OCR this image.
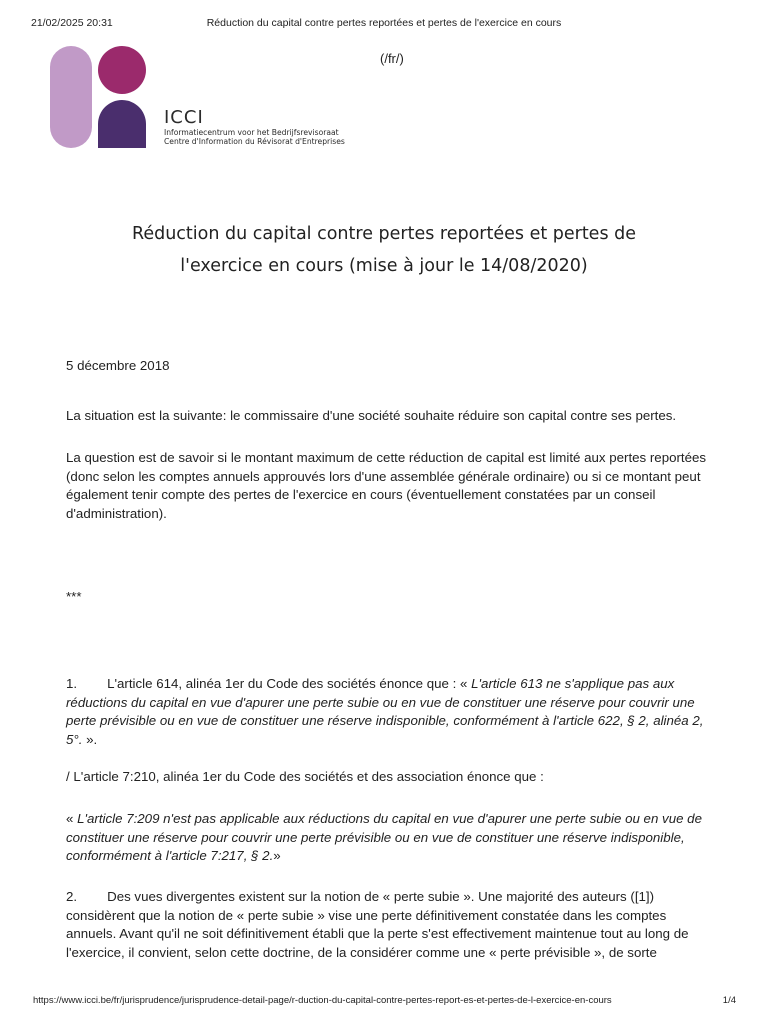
21/02/2025 20:31	Réduction du capital contre pertes reportées et pertes de l'exercice en cours
ICCI
Informatiecentrum voor het Bedrijfsrevisoraat
Centre d'Information du Révisorat d'Entreprises
(/fr/)
Réduction du capital contre pertes reportées et pertes de
l'exercice en cours (mise à jour le 14/08/2020)

5 décembre 2018

La situation est la suivante: le commissaire d'une société souhaite réduire son capital contre ses pertes.

La question est de savoir si le montant maximum de cette réduction de capital est limité aux pertes reportées (donc selon les comptes annuels approuvés lors d'une assemblée générale ordinaire) ou si ce montant peut également tenir compte des pertes de l'exercice en cours (éventuellement constatées par un conseil d'administration).

***

1. L'article 614, alinéa 1er du Code des sociétés énonce que : « L'article 613 ne s'applique pas aux réductions du capital en vue d'apurer une perte subie ou en vue de constituer une réserve pour couvrir une perte prévisible ou en vue de constituer une réserve indisponible, conformément à l'article 622, § 2, alinéa 2, 5°. ».

/ L'article 7:210, alinéa 1er du Code des sociétés et des association énonce que :

« L'article 7:209 n'est pas applicable aux réductions du capital en vue d'apurer une perte subie ou en vue de constituer une réserve pour couvrir une perte prévisible ou en vue de constituer une réserve indisponible, conformément à l'article 7:217, § 2.»

2. Des vues divergentes existent sur la notion de « perte subie ». Une majorité des auteurs ([1]) considèrent que la notion de « perte subie » vise une perte définitivement constatée dans les comptes annuels. Avant qu'il ne soit définitivement établi que la perte s'est effectivement maintenue tout au long de l'exercice, il convient, selon cette doctrine, de la considérer comme une « perte prévisible », de sorte

https://www.icci.be/fr/jurisprudence/jurisprudence-detail-page/r-duction-du-capital-contre-pertes-report-es-et-pertes-de-l-exercice-en-cours	1/4
